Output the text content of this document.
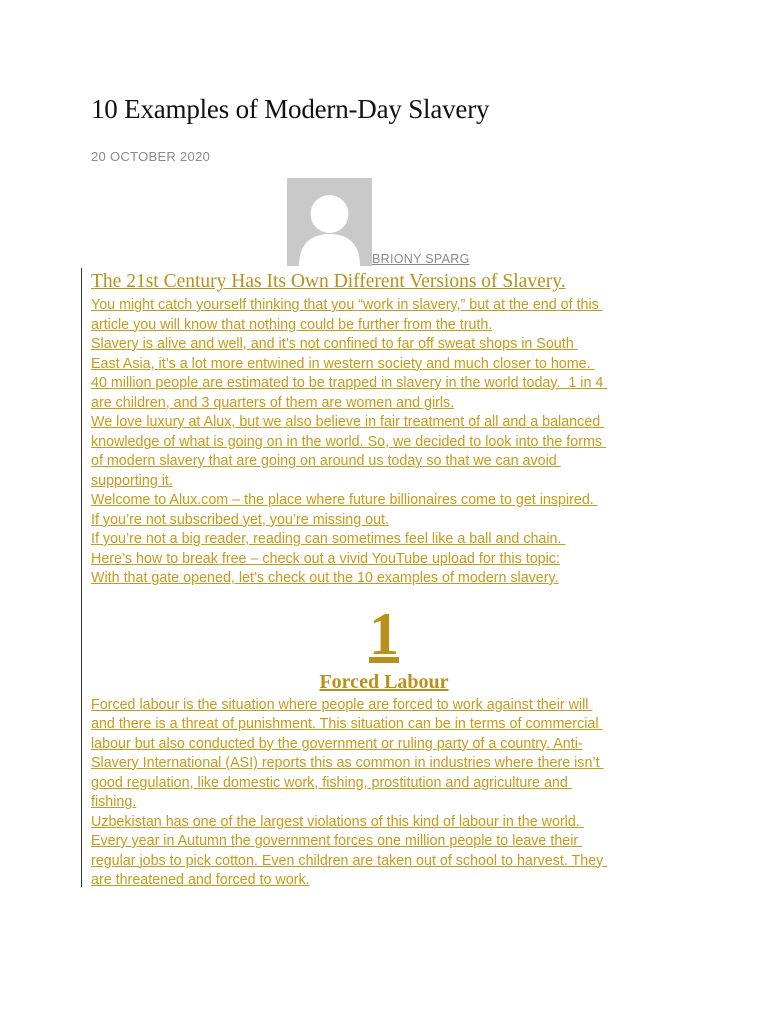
10 Examples of Modern-Day Slavery
20 OCTOBER 2020
BRIONY SPARG
The 21st Century Has Its Own Different Versions of Slavery.

You might catch yourself thinking that you “work in slavery,” but at the end of this

article you will know that nothing could be further from the truth.

Slavery is alive and well, and it’s not confined to far off sweat shops in South

East Asia, it’s a lot more entwined in western society and much closer to home.

40 million people are estimated to be trapped in slavery in the world today.  1 in 4

are children, and 3 quarters of them are women and girls.

We love luxury at Alux, but we also believe in fair treatment of all and a balanced

knowledge of what is going on in the world. So, we decided to look into the forms

of modern slavery that are going on around us today so that we can avoid

supporting it.

Welcome to Alux.com – the place where future billionaires come to get inspired.

If you’re not subscribed yet, you’re missing out.

If you’re not a big reader, reading can sometimes feel like a ball and chain.

Here’s how to break free – check out a vivid YouTube upload for this topic:

With that gate opened, let’s check out the 10 examples of modern slavery.

1
Forced Labour

Forced labour is the situation where people are forced to work against their will

and there is a threat of punishment. This situation can be in terms of commercial

labour but also conducted by the government or ruling party of a country. Anti-

Slavery International (ASI) reports this as common in industries where there isn’t

good regulation, like domestic work, fishing, prostitution and agriculture and

fishing.

Uzbekistan has one of the largest violations of this kind of labour in the world.

Every year in Autumn the government forces one million people to leave their

regular jobs to pick cotton. Even children are taken out of school to harvest. They

are threatened and forced to work.
